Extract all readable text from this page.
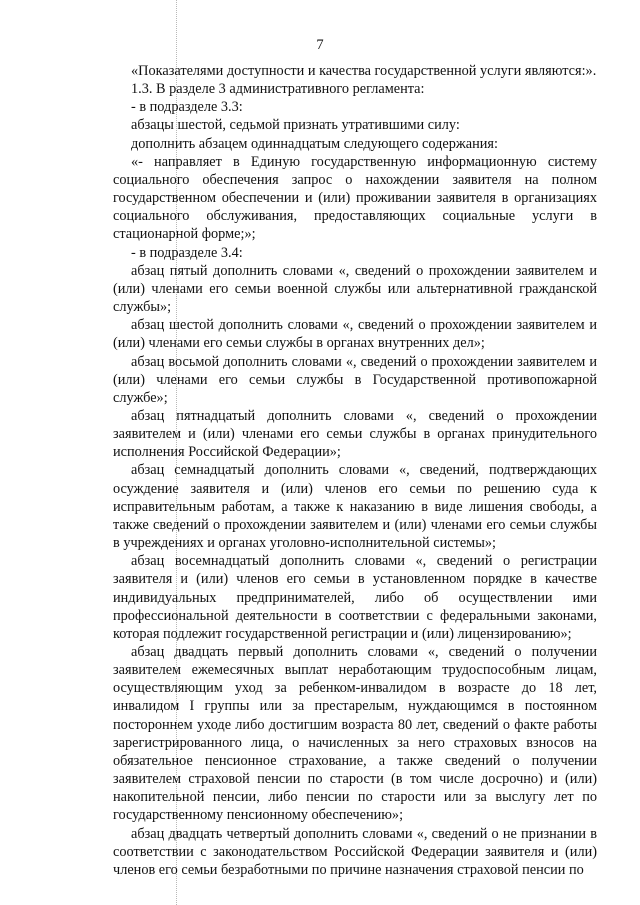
7

«Показателями доступности и качества государственной услуги являются:».

1.3. В разделе 3 административного регламента:

- в подразделе 3.3:

абзацы шестой, седьмой признать утратившими силу:

дополнить абзацем одиннадцатым следующего содержания:

«- направляет в Единую государственную информационную систему социального обеспечения запрос о нахождении заявителя на полном государственном обеспечении и (или) проживании заявителя в организациях социального обслуживания, предоставляющих социальные услуги в стационарной форме;»;

- в подразделе 3.4:

абзац пятый дополнить словами «, сведений о прохождении заявителем и (или) членами его семьи военной службы или альтернативной гражданской службы»;

абзац шестой дополнить словами «, сведений о прохождении заявителем и (или) членами его семьи службы в органах внутренних дел»;

абзац восьмой дополнить словами «, сведений о прохождении заявителем и (или) членами его семьи службы в Государственной противопожарной службе»;

абзац пятнадцатый дополнить словами «, сведений о прохождении заявителем и (или) членами его семьи службы в органах принудительного исполнения Российской Федерации»;

абзац семнадцатый дополнить словами «, сведений, подтверждающих осуждение заявителя и (или) членов его семьи по решению суда к исправительным работам, а также к наказанию в виде лишения свободы, а также сведений о прохождении заявителем и (или) членами его семьи службы в учреждениях и органах уголовно-исполнительной системы»;

абзац восемнадцатый дополнить словами «, сведений о регистрации заявителя и (или) членов его семьи в установленном порядке в качестве индивидуальных предпринимателей, либо об осуществлении ими профессиональной деятельности в соответствии с федеральными законами, которая подлежит государственной регистрации и (или) лицензированию»;

абзац двадцать первый дополнить словами «, сведений о получении заявителем ежемесячных выплат неработающим трудоспособным лицам, осуществляющим уход за ребенком-инвалидом в возрасте до 18 лет, инвалидом I группы или за престарелым, нуждающимся в постоянном постороннем уходе либо достигшим возраста 80 лет, сведений о факте работы зарегистрированного лица, о начисленных за него страховых взносов на обязательное пенсионное страхование, а также сведений о получении заявителем страховой пенсии по старости (в том числе досрочно) и (или) накопительной пенсии, либо пенсии по старости или за выслугу лет по государственному пенсионному обеспечению»;

абзац двадцать четвертый дополнить словами «, сведений о не признании в соответствии с законодательством Российской Федерации заявителя и (или) членов его семьи безработными по причине назначения страховой пенсии по
